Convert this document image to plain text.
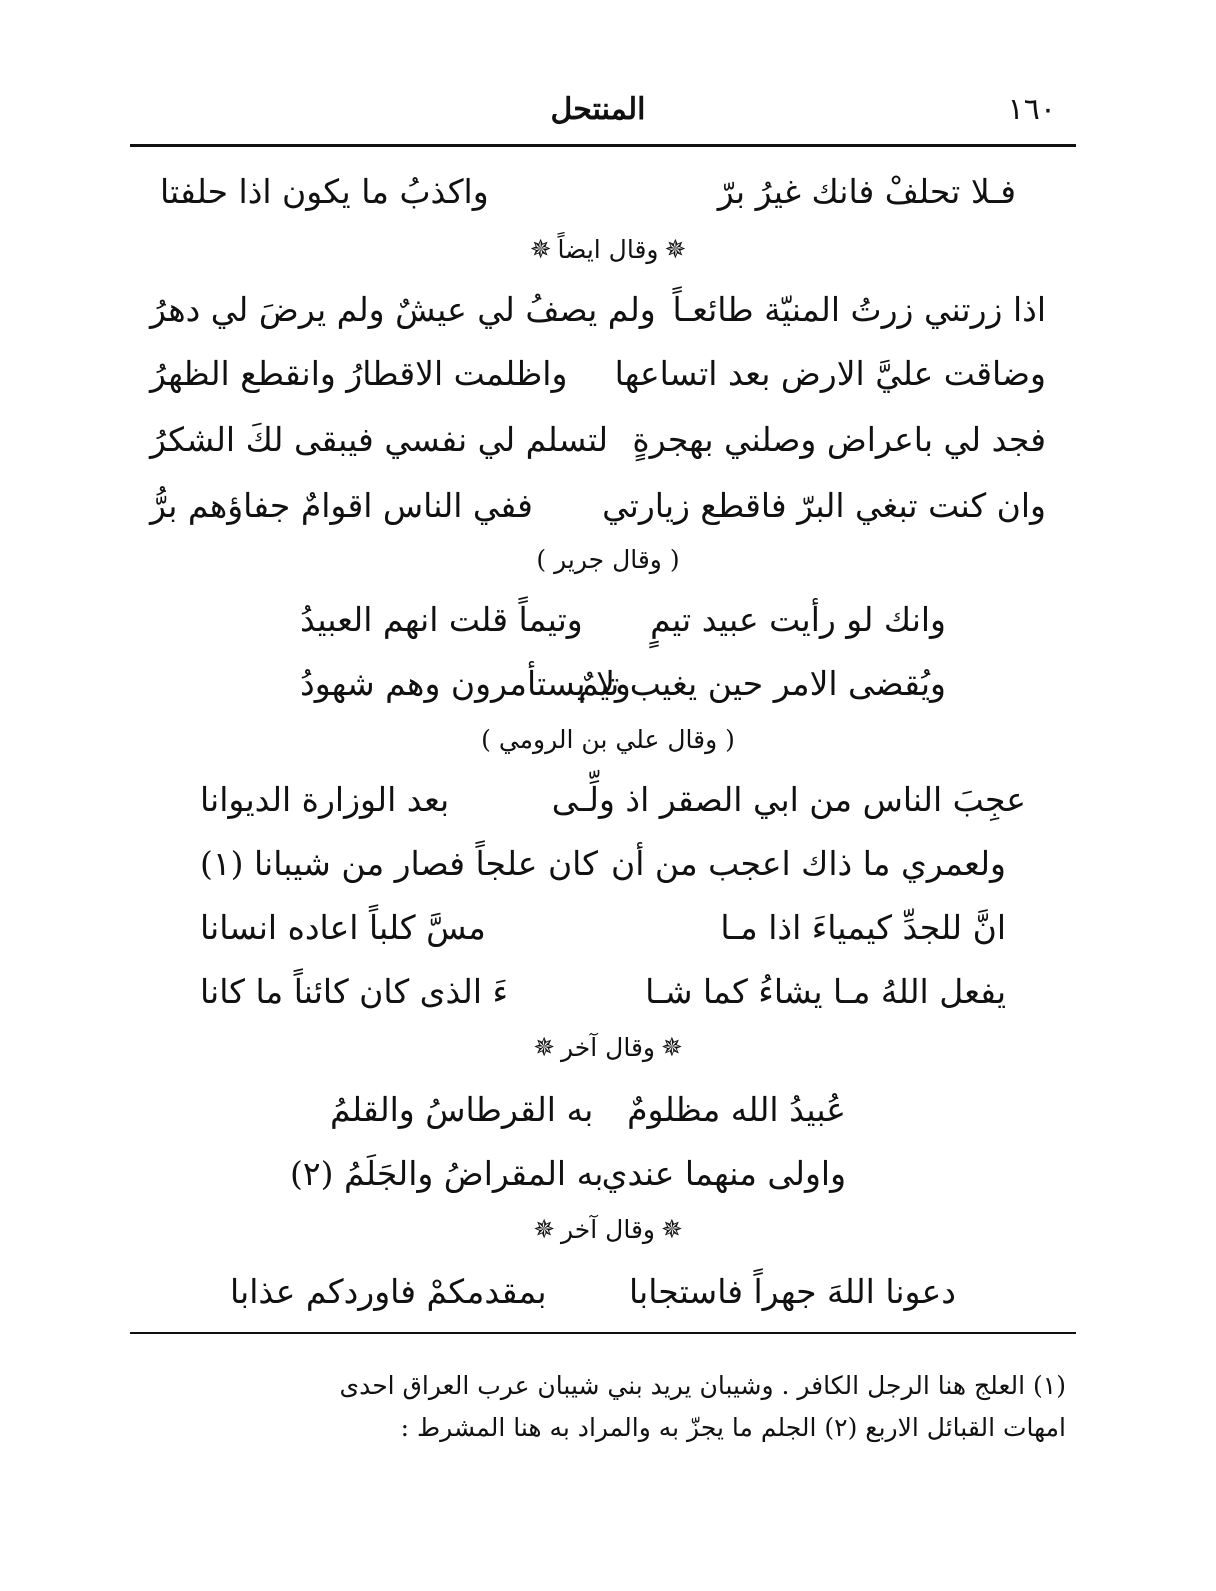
١٦٠
المنتحل
فـلا تحلفْ فانك غيرُ برّ
واكذبُ ما يكون اذا حلفتا
✵وقال ايضاً✵
اذا زرتني زرتُ المنيّة طائعـاً
ولم يصفُ لي عيشٌ ولم يرضَ لي دهرُ
وضاقت عليَّ الارض بعد اتساعها
واظلمت الاقطارُ وانقطع الظهرُ
فجد لي باعراض وصلني بهجرةٍ
لتسلم لي نفسي فيبقى لكَ الشكرُ
وان كنت تبغي البرّ فاقطع زيارتي
ففي الناس اقوامٌ جفاؤهم برُّ
( وقال جرير )
وانك لو رأيت عبيد تيمٍ
وتيماً قلت انهم العبيدُ
ويُقضى الامر حين يغيب تيمٌ
ولا يستأمرون وهم شهودُ
( وقال علي بن الرومي )
عجِبَ الناس من ابي الصقر اذ ولِّـى
بعد الوزارة الديوانا
ولعمري ما ذاك اعجب من أن
كان علجاً فصار من شيبانا (١)
انَّ للجدِّ كيمياءَ اذا مـا
مسَّ كلباً اعاده انسانا
يفعل اللهُ مـا يشاءُ كما شـا
ءَ الذى كان كائناً ما كانا
✵وقال آخر✵
عُبيدُ الله مظلومٌ
به القرطاسُ والقلمُ
واولى منهما عندي
به المقراضُ والجَلَمُ (٢)
✵وقال آخر✵
دعونا اللهَ جهراً فاستجابا
بمقدمكمْ فاوردكم عذابا
(١) العلج هنا الرجل الكافر . وشيبان يريد بني شيبان عرب العراق احدى
امهات القبائل الاربع (٢) الجلم ما يجزّ به والمراد به هنا المشرط :
